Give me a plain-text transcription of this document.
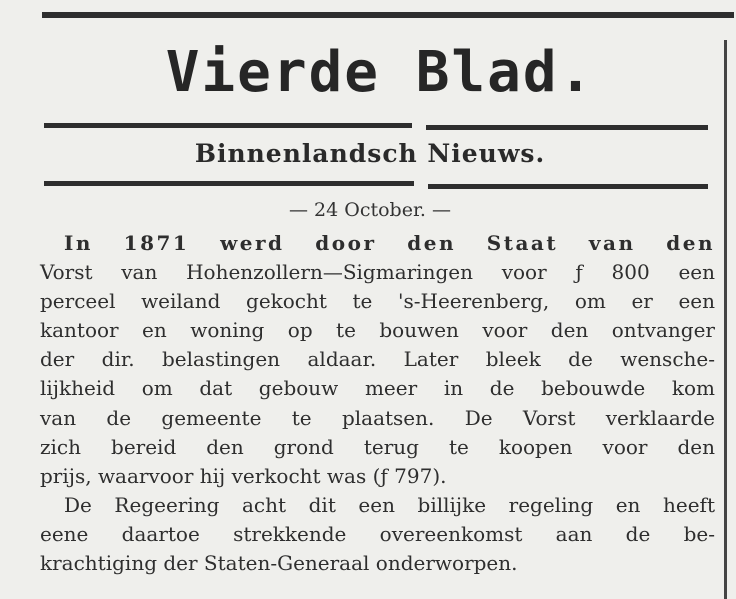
Vierde Blad.
Binnenlandsch Nieuws.
— 24 October. —
In 1871 werd door den Staat van den
Vorst van Hohenzollern—Sigmaringen voor ƒ 800 een
perceel weiland gekocht te 's-Heerenberg, om er een
kantoor en woning op te bouwen voor den ontvanger
der dir. belastingen aldaar. Later bleek de wensche-
lijkheid om dat gebouw meer in de bebouwde kom
van de gemeente te plaatsen. De Vorst verklaarde
zich bereid den grond terug te koopen voor den
prijs, waarvoor hij verkocht was (ƒ 797).
De Regeering acht dit een billijke regeling en heeft
eene daartoe strekkende overeenkomst aan de be-
krachtiging der Staten-Generaal onderworpen.
